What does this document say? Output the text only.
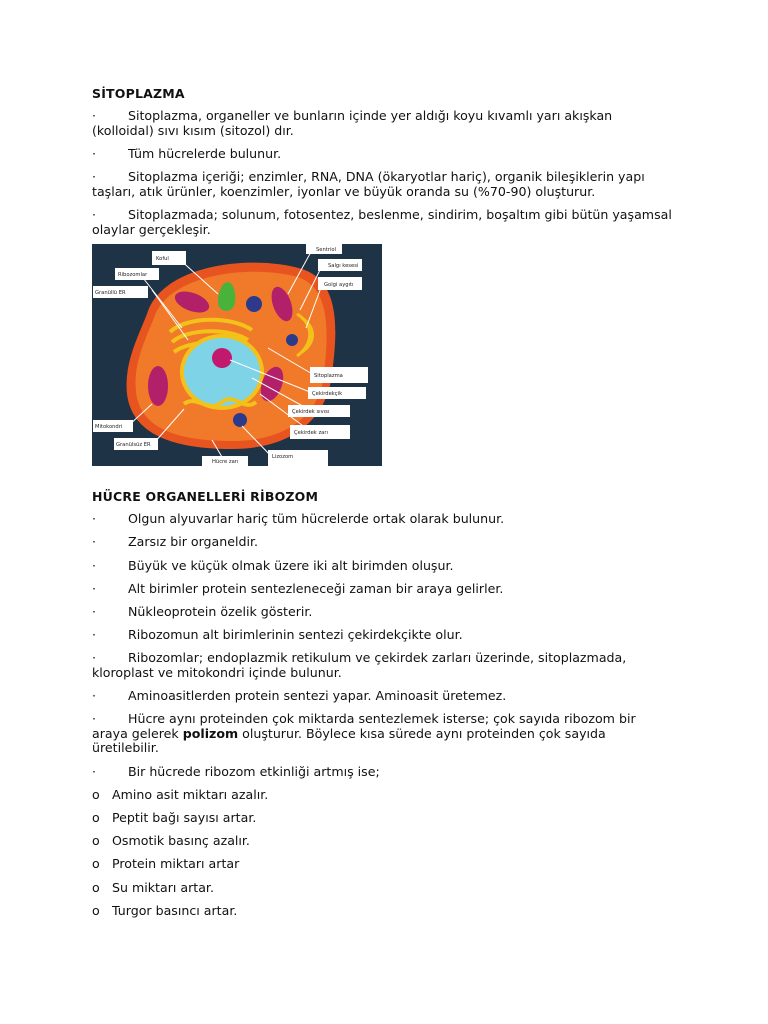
SİTOPLAZMA
·	Sitoplazma, organeller ve bunların içinde yer aldığı koyu kıvamlı yarı akışkan (kolloidal) sıvı kısım (sitozol) dır.
·	Tüm hücrelerde bulunur.
·	Sitoplazma içeriği; enzimler, RNA, DNA (ökaryotlar hariç), organik bileşiklerin yapı taşları, atık ürünler, koenzimler, iyonlar ve büyük oranda su (%70-90) oluşturur.
·	Sitoplazmada; solunum, fotosentez, beslenme, sindirim, boşaltım gibi bütün yaşamsal olaylar gerçekleşir.
Koful
Ribozomlar
Granüllü ER
Mitokondri
Granülsüz ER
Hücre zarı
Sentriol
Salgı kesesi
Golgi aygıtı
Sitoplazma
Çekirdekçik
Çekirdek sıvısı
Çekirdek zarı
Lizozom
HÜCRE ORGANELLERİ RİBOZOM
·	Olgun alyuvarlar hariç tüm hücrelerde ortak olarak bulunur.
·	Zarsız bir organeldir.
·	Büyük ve küçük olmak üzere iki alt birimden oluşur.
·	Alt birimler protein sentezleneceği zaman bir araya gelirler.
·	Nükleoprotein özelik gösterir.
·	Ribozomun alt birimlerinin sentezi çekirdekçikte olur.
·	Ribozomlar; endoplazmik retikulum ve çekirdek zarları üzerinde, sitoplazmada, kloroplast ve mitokondri içinde bulunur.
·	Aminoasitlerden protein sentezi yapar. Aminoasit üretemez.
·	Hücre aynı proteinden çok miktarda sentezlemek isterse; çok sayıda ribozom bir araya gelerek polizom oluşturur. Böylece kısa sürede aynı proteinden çok sayıda üretilebilir.
·	Bir hücrede ribozom etkinliği artmış ise;
o Amino asit miktarı azalır.
o Peptit bağı sayısı artar.
o Osmotik basınç azalır.
o Protein miktarı artar
o Su miktarı artar.
o Turgor basıncı artar.
